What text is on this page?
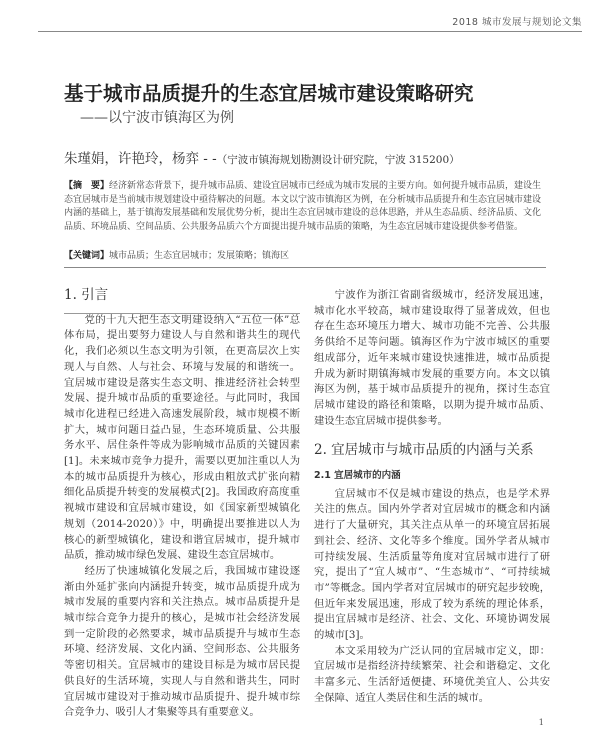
2018 城市发展与规划论文集
基于城市品质提升的生态宜居城市建设策略研究
——以宁波市镇海区为例
朱瑾娟，许艳玲，杨弈 - -（宁波市镇海规划勘测设计研究院，宁波 315200）
【摘　要】经济新常态背景下，提升城市品质、建设宜居城市已经成为城市发展的主要方向。如何提升城市品质，建设生态宜居城市是当前城市规划建设中亟待解决的问题。本文以宁波市镇海区为例，在分析城市品质提升和生态宜居城市建设内涵的基础上，基于镇海发展基础和发展优势分析，提出生态宜居城市建设的总体思路，并从生态品质、经济品质、文化品质、环境品质、空间品质、公共服务品质六个方面提出提升城市品质的策略，为生态宜居城市建设提供参考借鉴。
【关键词】城市品质；生态宜居城市；发展策略；镇海区
1. 引言

党的十九大把生态文明建设纳入“五位一体”总体布局，提出要努力建设人与自然和谐共生的现代化，我们必须以生态文明为引领，在更高层次上实现人与自然、人与社会、环境与发展的和谐统一。宜居城市建设是落实生态文明、推进经济社会转型发展、提升城市品质的重要途径。与此同时，我国城市化进程已经进入高速发展阶段，城市规模不断扩大，城市问题日益凸显，生态环境质量、公共服务水平、居住条件等成为影响城市品质的关键因素[1]。未来城市竞争力提升，需要以更加注重以人为本的城市品质提升为核心，形成由粗放式扩张向精细化品质提升转变的发展模式[2]。我国政府高度重视城市建设和宜居城市建设，如《国家新型城镇化规划（2014-2020）》中，明确提出要推进以人为核心的新型城镇化，建设和谐宜居城市，提升城市品质，推动城市绿色发展、建设生态宜居城市。

经历了快速城镇化发展之后，我国城市建设逐渐由外延扩张向内涵提升转变，城市品质提升成为城市发展的重要内容和关注热点。城市品质提升是城市综合竞争力提升的核心，是城市社会经济发展到一定阶段的必然要求，城市品质提升与城市生态环境、经济发展、文化内涵、空间形态、公共服务等密切相关。宜居城市的建设目标是为城市居民提供良好的生活环境，实现人与自然和谐共生，同时宜居城市建设对于推动城市品质提升、提升城市综合竞争力、吸引人才集聚等具有重要意义。

宁波作为浙江省副省级城市，经济发展迅速，城市化水平较高，城市建设取得了显著成效，但也存在生态环境压力增大、城市功能不完善、公共服务供给不足等问题。镇海区作为宁波市城区的重要组成部分，近年来城市建设快速推进，城市品质提升成为新时期镇海城市发展的重要方向。本文以镇海区为例，基于城市品质提升的视角，探讨生态宜居城市建设的路径和策略，以期为提升城市品质、建设生态宜居城市提供参考。

2. 宜居城市与城市品质的内涵与关系
2.1 宜居城市的内涵

宜居城市不仅是城市建设的热点，也是学术界关注的焦点。国内外学者对宜居城市的概念和内涵进行了大量研究，其关注点从单一的环境宜居拓展到社会、经济、文化等多个维度。国外学者从城市可持续发展、生活质量等角度对宜居城市进行了研究，提出了“宜人城市”、“生态城市”、“可持续城市”等概念。国内学者对宜居城市的研究起步较晚，但近年来发展迅速，形成了较为系统的理论体系，提出宜居城市是经济、社会、文化、环境协调发展的城市[3]。

本文采用较为广泛认同的宜居城市定义，即：宜居城市是指经济持续繁荣、社会和谐稳定、文化丰富多元、生活舒适便捷、环境优美宜人、公共安全保障、适宜人类居住和生活的城市。

1
